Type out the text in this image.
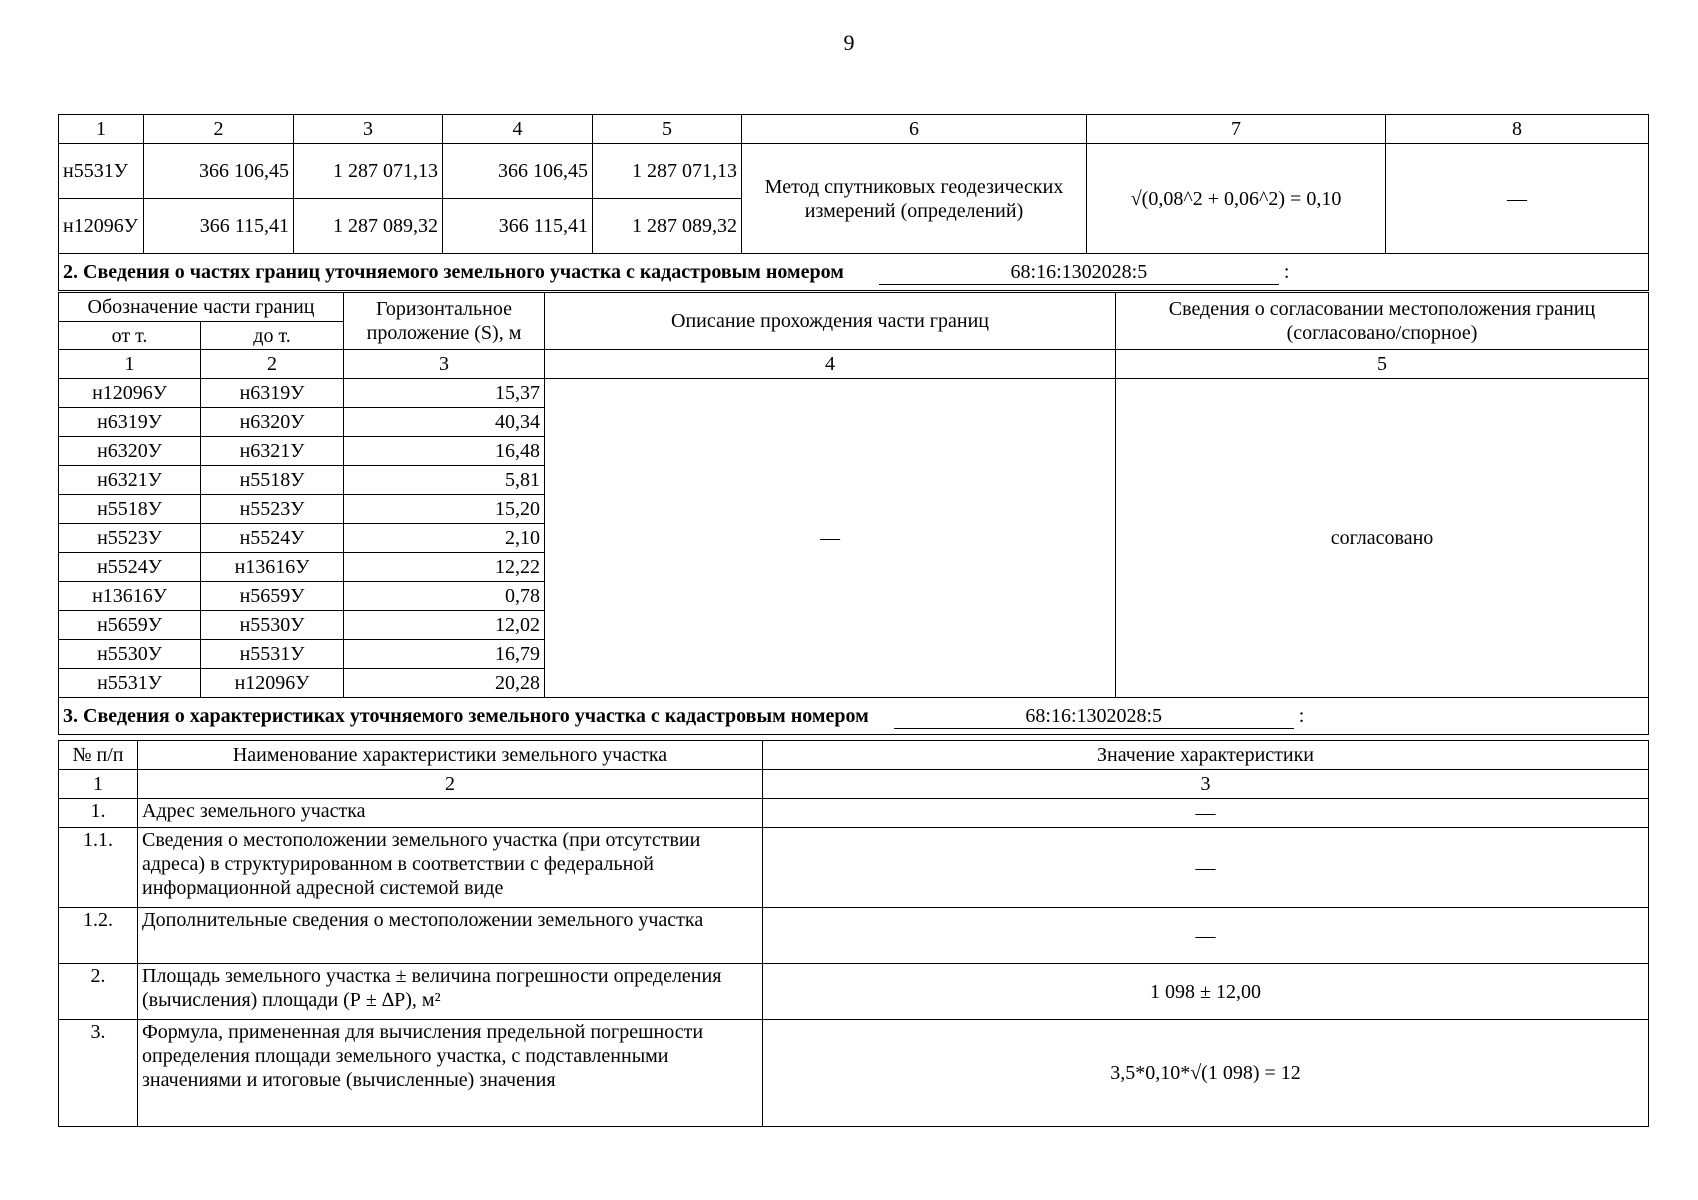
9
1	2	3	4	5	6	7	8
н5531У	366 106,45	1 287 071,13	366 106,45	1 287 071,13	Метод спутниковых геодезических измерений (определений)	√(0,08^2 + 0,06^2) = 0,10	—
н12096У	366 115,41	1 287 089,32	366 115,41	1 287 089,32			
2. Сведения о частях границ уточняемого земельного участка с кадастровым номером 68:16:1302028:5 :							
Обозначение части границ		Горизонтальное проложение (S), м	Описание прохождения части границ	Сведения о согласовании местоположения границ (согласовано/спорное)
от т.	до т.			
1	2	3	4	5
н12096У	н6319У	15,37	—	согласовано
н6319У	н6320У	40,34		
н6320У	н6321У	16,48		
н6321У	н5518У	5,81		
н5518У	н5523У	15,20		
н5523У	н5524У	2,10		
н5524У	н13616У	12,22		
н13616У	н5659У	0,78		
н5659У	н5530У	12,02		
н5530У	н5531У	16,79		
н5531У	н12096У	20,28		
3. Сведения о характеристиках уточняемого земельного участка с кадастровым номером 68:16:1302028:5 :				
№ п/п	Наименование характеристики земельного участка	Значение характеристики
1	2	3
1.	Адрес земельного участка	—
1.1.	Сведения о местоположении земельного участка (при отсутствии адреса) в структурированном в соответствии с федеральной информационной адресной системой виде	—
1.2.	Дополнительные сведения о местоположении земельного участка	—
2.	Площадь земельного участка ± величина погрешности определения (вычисления) площади (Р ± ∆Р), м²	1 098 ± 12,00
3.	Формула, примененная для вычисления предельной погрешности определения площади земельного участка, с подставленными значениями и итоговые (вычисленные) значения	3,5*0,10*√(1 098) = 12
